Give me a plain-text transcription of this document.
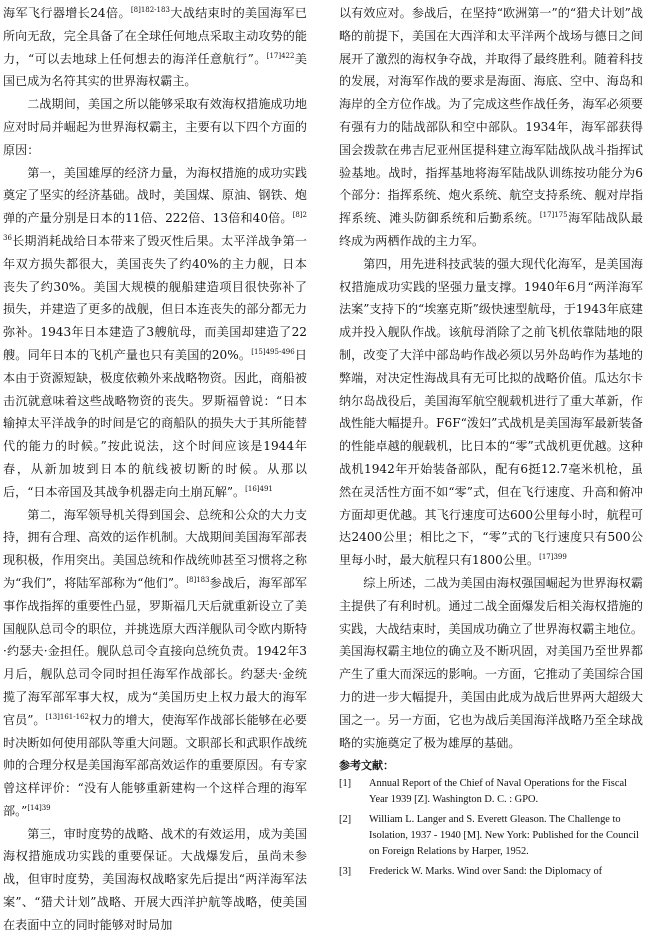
海军飞行器增长24倍。$^{[8]182-183}$大战结束时的美国海军已所向无敌，完全具备了在全球任何地点采取主动攻势的能力，“可以去地球上任何想去的海洋任意航行”。$^{[17]422}$美国已成为名符其实的世界海权霸主。

二战期间，美国之所以能够采取有效海权措施成功地应对时局并崛起为世界海权霸主，主要有以下四个方面的原因：

第一，美国雄厚的经济力量，为海权措施的成功实践奠定了坚实的经济基础。战时，美国煤、原油、钢铁、炮弹的产量分别是日本的11倍、222倍、13倍和40倍。$^{[8]236}$长期消耗战给日本带来了毁灭性后果。太平洋战争第一年双方损失都很大，美国丧失了约40%的主力舰，日本丧失了约30%。美国大规模的舰船建造项目很快弥补了损失，并建造了更多的战舰，但日本连丧失的部分都无力弥补。1943年日本建造了3艘航母，而美国却建造了22艘。同年日本的飞机产量也只有美国的20%。$^{[15]495-496}$日本由于资源短缺，极度依赖外来战略物资。因此，商船被击沉就意味着这些战略物资的丧失。罗斯福曾说：“日本输掉太平洋战争的时间是它的商船队的损失大于其所能替代的能力的时候。”按此说法，这个时间应该是1944年春，从新加坡到日本的航线被切断的时候。从那以后，“日本帝国及其战争机器走向土崩瓦解”。$^{[16]491}$

第二，海军领导机关得到国会、总统和公众的大力支持，拥有合理、高效的运作机制。大战期间美国海军部表现积极，作用突出。美国总统和作战统帅甚至习惯将之称为“我们”，将陆军部称为“他们”。$^{[8]183}$参战后，海军部军事作战指挥的重要性凸显，罗斯福几天后就重新设立了美国舰队总司令的职位，并挑选原大西洋舰队司令欧内斯特·约瑟夫·金担任。舰队总司令直接向总统负责。1942年3月后，舰队总司令同时担任海军作战部长。约瑟夫·金统揽了海军部军事大权，成为“美国历史上权力最大的海军官员”。$^{[13]161-162}$权力的增大，使海军作战部长能够在必要时决断如何使用部队等重大问题。文职部长和武职作战统帅的合理分权是美国海军部高效运作的重要原因。有专家曾这样评价：“没有人能够重新建构一个这样合理的海军部。”$^{[14]39}$

第三，审时度势的战略、战术的有效运用，成为美国海权措施成功实践的重要保证。大战爆发后，虽尚未参战，但审时度势，美国海权战略家先后提出“两洋海军法案”、“猎犬计划”战略、开展大西洋护航等战略，使美国在表面中立的同时能够对时局加

以有效应对。参战后，在坚持“欧洲第一”的“猎犬计划”战略的前提下，美国在大西洋和太平洋两个战场与德日之间展开了激烈的海权争夺战，并取得了最终胜利。随着科技的发展，对海军作战的要求是海面、海底、空中、海岛和海岸的全方位作战。为了完成这些作战任务，海军必须要有强有力的陆战部队和空中部队。1934年，海军部获得国会拨款在弗吉尼亚州匡提科建立海军陆战队战斗指挥试验基地。战时，指挥基地将海军陆战队训练按功能分为6个部分：指挥系统、炮火系统、航空支持系统、舰对岸指挥系统、滩头防御系统和后勤系统。$^{[17]175}$海军陆战队最终成为两栖作战的主力军。

第四，用先进科技武装的强大现代化海军，是美国海权措施成功实践的坚强力量支撑。1940年6月“两洋海军法案”支持下的“埃塞克斯”级快速型航母，于1943年底建成并投入舰队作战。该航母消除了之前飞机依靠陆地的限制，改变了大洋中部岛屿作战必须以另外岛屿作为基地的弊端，对决定性海战具有无可比拟的战略价值。瓜达尔卡纳尔岛战役后，美国海军航空舰载机进行了重大革新，作战性能大幅提升。F6F“泼妇”式战机是美国海军最新装备的性能卓越的舰载机，比日本的“零”式战机更优越。这种战机1942年开始装备部队，配有6挺12.7毫米机枪，虽然在灵活性方面不如“零”式，但在飞行速度、升高和俯冲方面却更优越。其飞行速度可达600公里每小时，航程可达2400公里；相比之下，“零”式的飞行速度只有500公里每小时，最大航程只有1800公里。$^{[17]399}$

综上所述，二战为美国由海权强国崛起为世界海权霸主提供了有利时机。通过二战全面爆发后相关海权措施的实践，大战结束时，美国成功确立了世界海权霸主地位。美国海权霸主地位的确立及不断巩固，对美国乃至世界都产生了重大而深远的影响。一方面，它推动了美国综合国力的进一步大幅提升，美国由此成为战后世界两大超级大国之一。另一方面，它也为战后美国海洋战略乃至全球战略的实施奠定了极为雄厚的基础。

参考文献：
[1] Annual Report of the Chief of Naval Operations for the Fiscal Year 1939 [Z]. Washington D. C. : GPO.
[2] William L. Langer and S. Everett Gleason. The Challenge to Isolation, 1937 - 1940 [M]. New York: Published for the Council on Foreign Relations by Harper, 1952.
[3] Frederick W. Marks. Wind over Sand: the Diplomacy of
